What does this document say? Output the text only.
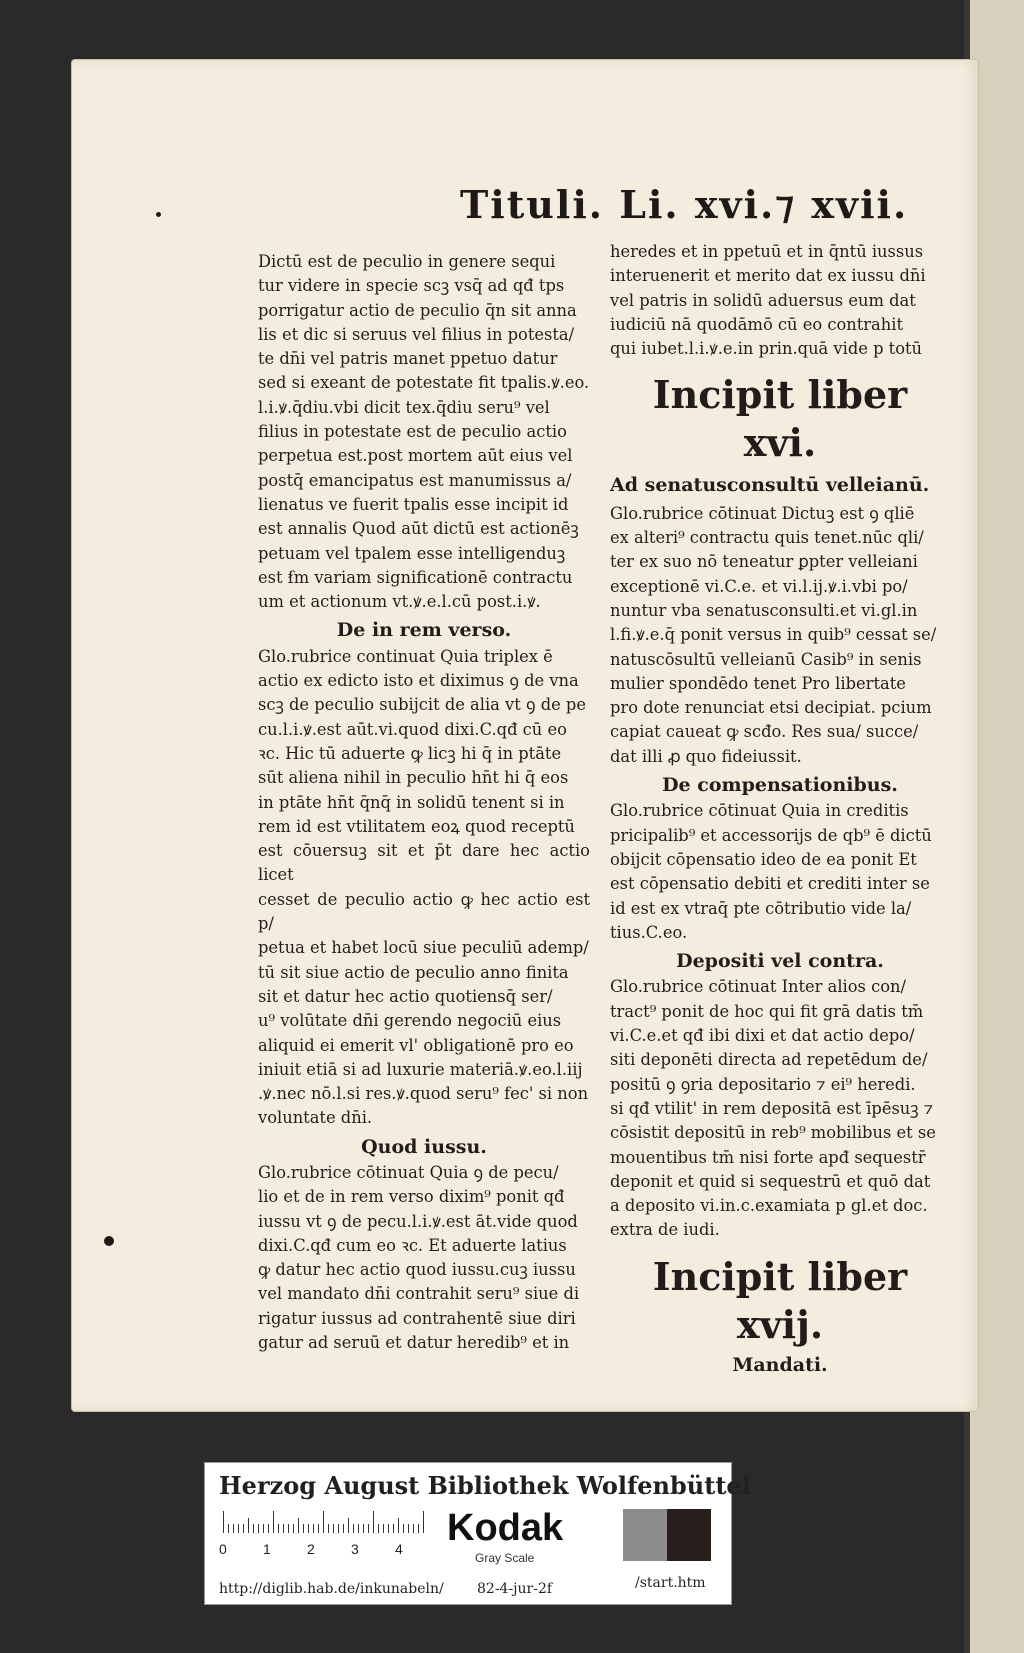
Tituli. Li. xvi.⁊ xvii.

Dictū est de peculio in genere sequi
tur videre in specie scꝫ vsq̄ ad qđ tps
porrigatur actio de peculio q̄n sit anna
lis et dic si seruus vel filius in potesta/
te dn̄i vel patris manet ppetuo datur
sed si exeant de potestate fit tpalis.ꝟ.eo.
l.i.ꝟ.q̄diu.vbi dicit tex.q̄diu seru⁹ vel
filius in potestate est de peculio actio
perpetua est.post mortem aūt eius vel
postq̄ emancipatus est manumissus a/
lienatus ve fuerit tpalis esse incipit id
est annalis Quod aūt dictū est actionēꝫ
petuam vel tpalem esse intelligenduꝫ
est ẜm variam significationē contractu
um et actionum vt.ꝟ.e.l.cū post.i.ꝟ.

De in rem verso.

Glo.rubrice continuat Quia triplex ē
actio ex edicto isto et diximus ꝯ de vna
scꝫ de peculio subijcit de alia vt ꝯ de pe
cu.l.i.ꝟ.est aūt.vi.quod dixi.C.qđ cū eo
ꝛc. Hic tū aduerte ꝙ licꝫ hi q̄ in ptāte
sūt aliena nihil in peculio hn̄t hi q̄ eos
in ptāte hn̄t q̄nq̄ in solidū tenent si in
rem id est vtilitatem eoꝝ quod receptū
est cōuersuꝫ sit et p̄t dare hec actio licet
cesset de peculio actio ꝙ hec actio est p/
petua et habet locū siue peculiū ademp/
tū sit siue actio de peculio anno finita
sit et datur hec actio quotiensq̄ ser/
u⁹ volūtate dn̄i gerendo negociū eius
aliquid ei emerit vl' obligationē pro eo
iniuit etiā si ad luxurie materiā.ꝟ.eo.l.iij
.ꝟ.nec nō.l.si res.ꝟ.quod seru⁹ fec' si non
voluntate dn̄i.

Quod iussu.

Glo.rubrice cōtinuat Quia ꝯ de pecu/
lio et de in rem verso dixim⁹ ponit qđ
iussu vt ꝯ de pecu.l.i.ꝟ.est āt.vide quod
dixi.C.qđ cum eo ꝛc. Et aduerte latius
ꝙ datur hec actio quod iussu.cuꝫ iussu
vel mandato dn̄i contrahit seru⁹ siue di
rigatur iussus ad contrahentē siue diri
gatur ad seruū et datur heredib⁹ et in

heredes et in ppetuū et in q̄ntū iussus
interuenerit et merito dat ex iussu dn̄i
vel patris in solidū aduersus eum dat
iudiciū nā quodāmō cū eo contrahit
qui iubet.l.i.ꝟ.e.in prin.quā vide p totū

Incipit liber xvi.

Ad senatusconsultū velleianū.

Glo.rubrice cōtinuat Dictuꝫ est ꝯ qliē
ex alteri⁹ contractu quis tenet.nūc qli/
ter ex suo nō teneatur ꝑpter velleiani
exceptionē vi.C.e. et vi.l.ij.ꝟ.i.vbi po/
nuntur vba senatusconsulti.et vi.gl.in
l.fi.ꝟ.e.q̄ ponit versus in quib⁹ cessat se/
natuscōsultū velleianū Casib⁹ in senis
mulier spondēdo tenet Pro libertate
pro dote renunciat etsi decipiat. pcium
capiat caueat ꝙ scđo. Res sua/ succe/
dat illi ꝓ quo fideiussit.

De compensationibus.

Glo.rubrice cōtinuat Quia in creditis
pricipalib⁹ et accessorijs de qb⁹ ē dictū
obijcit cōpensatio ideo de ea ponit Et
est cōpensatio debiti et crediti inter se
id est ex vtraq̄ pte cōtributio vide la/
tius.C.eo.

Depositi vel contra.

Glo.rubrice cōtinuat Inter alios con/
tract⁹ ponit de hoc qui fit grā datis tm̄
vi.C.e.et qđ ibi dixi et dat actio depo/
siti deponēti directa ad repetēdum de/
positū ꝯ ꝯria depositario ⁊ ei⁹ heredi.
si qđ vtilit' in rem depositā est īpēsuꝫ ⁊
cōsistit depositū in reb⁹ mobilibus et se
mouentibus tm̄ nisi forte apđ sequestr̄
deponit et quid si sequestrū et quō dat
a deposito vi.in.c.examiata p gl.et doc.
extra de iudi.

Incipit liber xvij.

Mandati.

Herzog August Bibliothek Wolfenbüttel
0	1	2	3	4 Kodak
Gray Scale
http://diglib.hab.de/inkunabeln/ 82-4-jur-2f	/start.htm
